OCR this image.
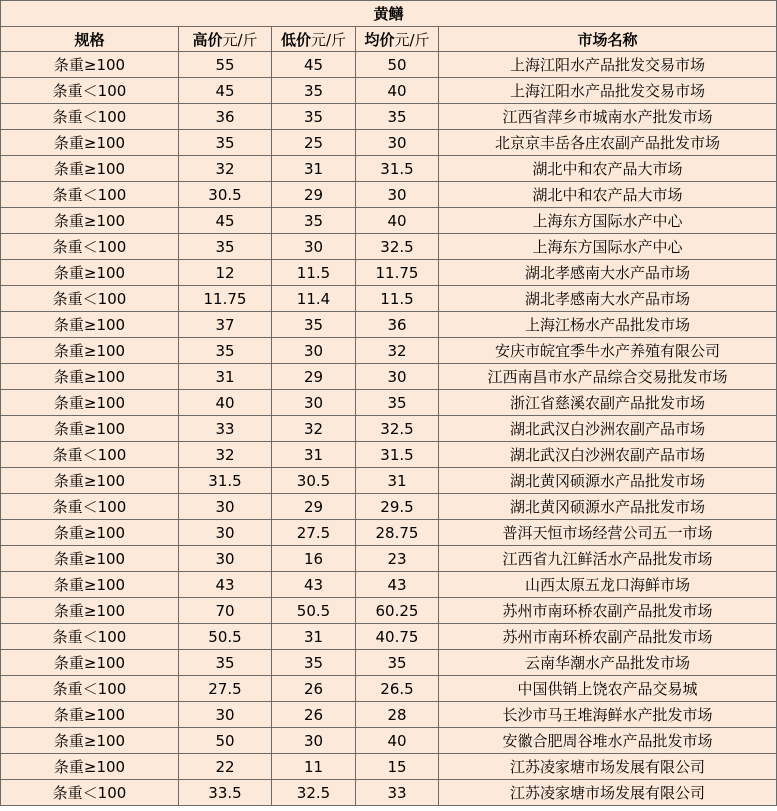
黄鳝				
规格	高价元/斤	低价元/斤	均价元/斤	市场名称
条重≥100	55	45	50	上海江阳水产品批发交易市场
条重＜100	45	35	40	上海江阳水产品批发交易市场
条重＜100	36	35	35	江西省萍乡市城南水产批发市场
条重≥100	35	25	30	北京京丰岳各庄农副产品批发市场
条重≥100	32	31	31.5	湖北中和农产品大市场
条重＜100	30.5	29	30	湖北中和农产品大市场
条重≥100	45	35	40	上海东方国际水产中心
条重＜100	35	30	32.5	上海东方国际水产中心
条重≥100	12	11.5	11.75	湖北孝感南大水产品市场
条重＜100	11.75	11.4	11.5	湖北孝感南大水产品市场
条重≥100	37	35	36	上海江杨水产品批发市场
条重≥100	35	30	32	安庆市皖宜季牛水产养殖有限公司
条重≥100	31	29	30	江西南昌市水产品综合交易批发市场
条重≥100	40	30	35	浙江省慈溪农副产品批发市场
条重≥100	33	32	32.5	湖北武汉白沙洲农副产品市场
条重＜100	32	31	31.5	湖北武汉白沙洲农副产品市场
条重≥100	31.5	30.5	31	湖北黄冈硕源水产品批发市场
条重＜100	30	29	29.5	湖北黄冈硕源水产品批发市场
条重≥100	30	27.5	28.75	普洱天恒市场经营公司五一市场
条重≥100	30	16	23	江西省九江鲜活水产品批发市场
条重≥100	43	43	43	山西太原五龙口海鲜市场
条重≥100	70	50.5	60.25	苏州市南环桥农副产品批发市场
条重＜100	50.5	31	40.75	苏州市南环桥农副产品批发市场
条重≥100	35	35	35	云南华潮水产品批发市场
条重＜100	27.5	26	26.5	中国供销上饶农产品交易城
条重≥100	30	26	28	长沙市马王堆海鲜水产批发市场
条重≥100	50	30	40	安徽合肥周谷堆水产品批发市场
条重≥100	22	11	15	江苏凌家塘市场发展有限公司
条重＜100	33.5	32.5	33	江苏凌家塘市场发展有限公司
